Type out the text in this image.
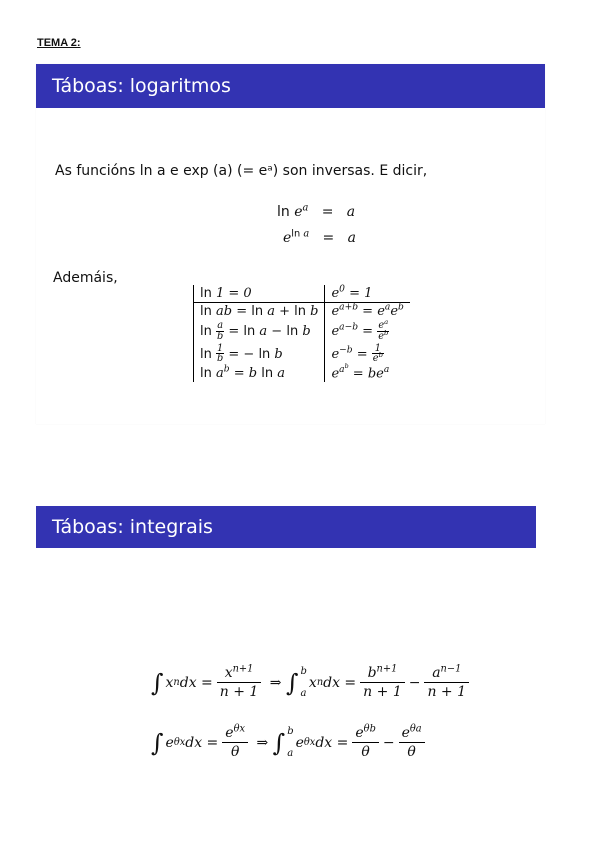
TEMA 2:
Táboas: logaritmos
As funcións ln a e exp (a) (= eᵃ) son inversas. E dicir,
$\ln e^a = a$
$e^{ln a} = a$
Ademáis,
ln 1 = 0	$e^0 = 1$
ln ab = ln a + ln b	$e^{a+b} = e^ae^b$
$\ln \frac{a}{b} = \ln a - \ln b$	$e^{a-b} = \frac{e^a}{e^b}$

$\ln \frac{1}{b}$ = − ln b	$e^{-b} = \frac{1}{e^b}$

$\ln a^b = b$ ln a	$e^{a^b} = be^a$
Táboas: integrais
∫ x n dx = $\frac{x^{n+1}}{n + 1}$ ⇒ ∫ b
a
x n dx = $\frac{b^{n+1}}{n + 1} - \frac{a^{n-1}}{n + 1}$
∫ e θx dx = $\frac{e^{\theta x}}{\theta}$ ⇒ ∫ b
a
e θx dx = $\frac{e^{\theta b}}{\theta} - \frac{e^{\theta a}}{\theta}$
